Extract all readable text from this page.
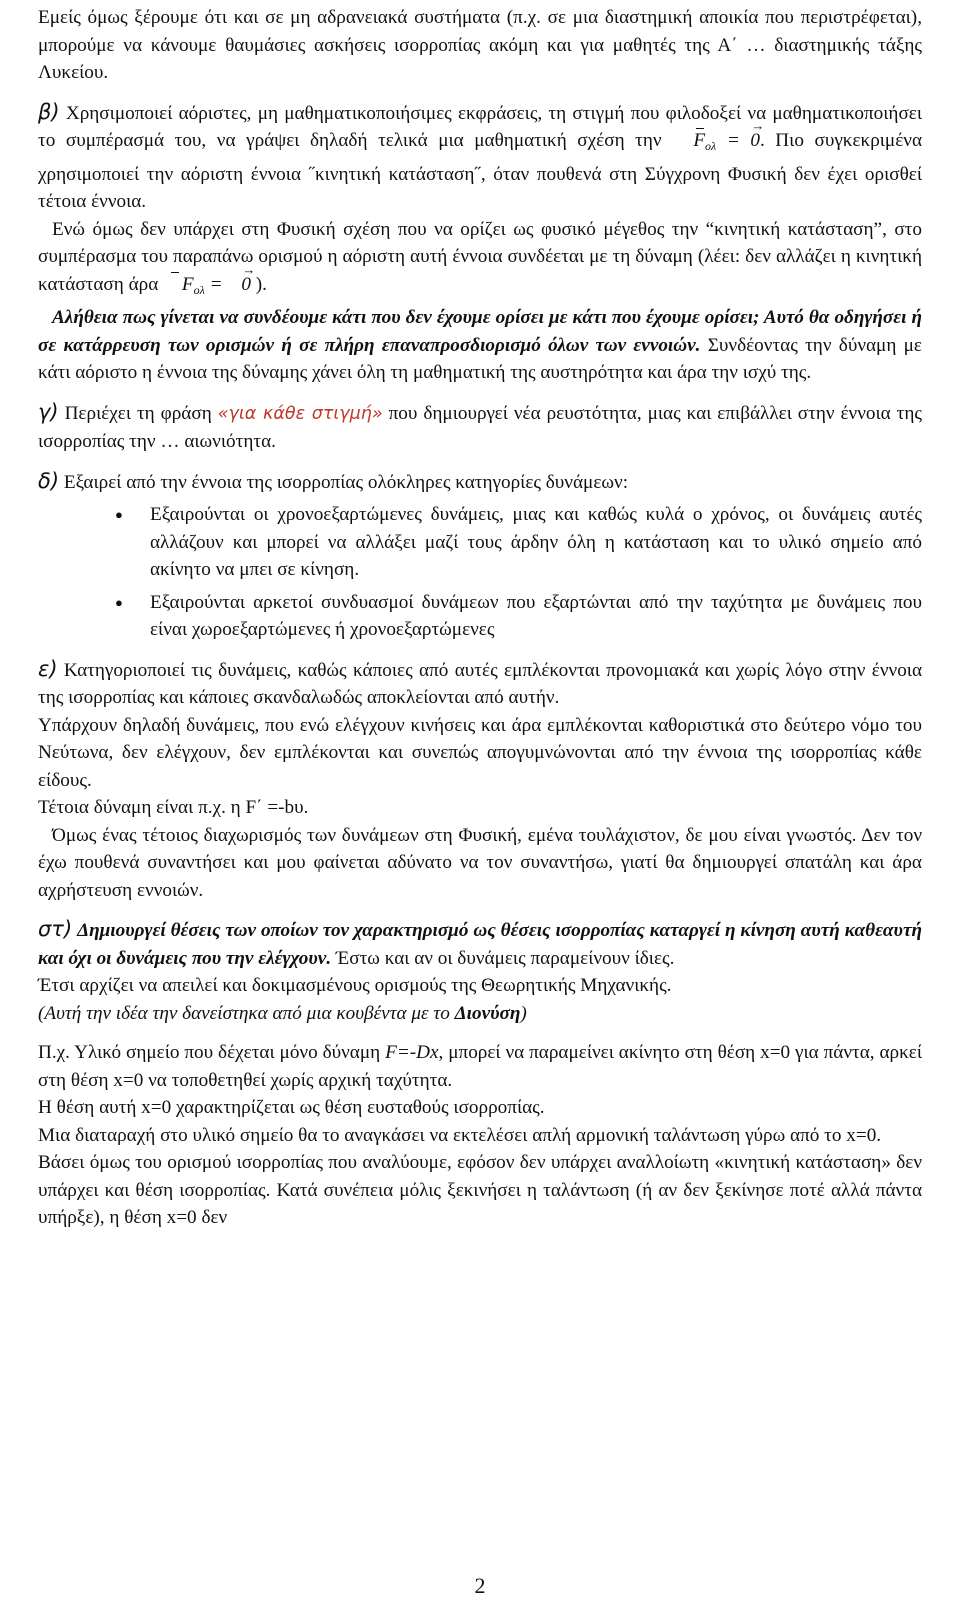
Εμείς όμως ξέρουμε ότι και σε μη αδρανειακά συστήματα (π.χ. σε μια διαστημική αποικία που περιστρέφεται), μπορούμε να κάνουμε θαυμάσιες ασκήσεις ισορροπίας ακόμη και για μαθητές της Α΄ … διαστημικής τάξης Λυκείου.

β) Χρησιμοποιεί αόριστες, μη μαθηματικοποιήσιμες εκφράσεις, τη στιγμή που φιλοδοξεί να μαθηματικοποιήσει το συμπέρασμά του, να γράψει δηλαδή τελικά μια μαθηματική σχέση την $F_{o\lambda}$ = → 0. Πιο συγκεκριμένα χρησιμοποιεί την αόριστη έννοια ˝κινητική κατάσταση˝, όταν πουθενά στη Σύγχρονη Φυσική δεν έχει ορισθεί τέτοια έννοια.

Ενώ όμως δεν υπάρχει στη Φυσική σχέση που να ορίζει ως φυσικό μέγεθος την “κινητική κατάσταση”, στο συμπέρασμα του παραπάνω ορισμού η αόριστη αυτή έννοια συνδέεται με τη δύναμη (λέει: δεν αλλάζει η κινητική κατάσταση άρα $F_{o\lambda}$ = → 0 ).

Αλήθεια πως γίνεται να συνδέουμε κάτι που δεν έχουμε ορίσει με κάτι που έχουμε ορίσει; Αυτό θα οδηγήσει ή σε κατάρρευση των ορισμών ή σε πλήρη επαναπροσδιορισμό όλων των εννοιών. Συνδέοντας την δύναμη με κάτι αόριστο η έννοια της δύναμης χάνει όλη τη μαθηματική της αυστηρότητα και άρα την ισχύ της.

γ) Περιέχει τη φράση «για κάθε στιγμή» που δημιουργεί νέα ρευστότητα, μιας και επιβάλλει στην έννοια της ισορροπίας την … αιωνιότητα.

δ) Εξαιρεί από την έννοια της ισορροπίας ολόκληρες κατηγορίες δυνάμεων:

● Εξαιρούνται οι χρονοεξαρτώμενες δυνάμεις, μιας και καθώς κυλά ο χρόνος, οι δυνάμεις αυτές αλλάζουν και μπορεί να αλλάξει μαζί τους άρδην όλη η κατάσταση και το υλικό σημείο από ακίνητο να μπει σε κίνηση.
● Εξαιρούνται αρκετοί συνδυασμοί δυνάμεων που εξαρτώνται από την ταχύτητα με δυνάμεις που είναι χωροεξαρτώμενες ή χρονοεξαρτώμενες

ε) Κατηγοριοποιεί τις δυνάμεις, καθώς κάποιες από αυτές εμπλέκονται προνομιακά και χωρίς λόγο στην έννοια της ισορροπίας και κάποιες σκανδαλωδώς αποκλείονται από αυτήν.

Υπάρχουν δηλαδή δυνάμεις, που ενώ ελέγχουν κινήσεις και άρα εμπλέκονται καθοριστικά στο δεύτερο νόμο του Νεύτωνα, δεν ελέγχουν, δεν εμπλέκονται και συνεπώς απογυμνώνονται από την έννοια της ισορροπίας κάθε είδους.

Τέτοια δύναμη είναι π.χ. η F΄ =-bυ.

Όμως ένας τέτοιος διαχωρισμός των δυνάμεων στη Φυσική, εμένα τουλάχιστον, δε μου είναι γνωστός. Δεν τον έχω πουθενά συναντήσει και μου φαίνεται αδύνατο να τον συναντήσω, γιατί θα δημιουργεί σπατάλη και άρα αχρήστευση εννοιών.

στ) Δημιουργεί θέσεις των οποίων τον χαρακτηρισμό ως θέσεις ισορροπίας καταργεί η κίνηση αυτή καθεαυτή και όχι οι δυνάμεις που την ελέγχουν. Έστω και αν οι δυνάμεις παραμείνουν ίδιες.

Έτσι αρχίζει να απειλεί και δοκιμασμένους ορισμούς της Θεωρητικής Μηχανικής.

(Αυτή την ιδέα την δανείστηκα από μια κουβέντα με το Διονύση)

Π.χ. Υλικό σημείο που δέχεται μόνο δύναμη F=-Dx, μπορεί να παραμείνει ακίνητο στη θέση x=0 για πάντα, αρκεί στη θέση x=0 να τοποθετηθεί χωρίς αρχική ταχύτητα.

Η θέση αυτή x=0 χαρακτηρίζεται ως θέση ευσταθούς ισορροπίας.

Μια διαταραχή στο υλικό σημείο θα το αναγκάσει να εκτελέσει απλή αρμονική ταλάντωση γύρω από το x=0.

Βάσει όμως του ορισμού ισορροπίας που αναλύουμε, εφόσον δεν υπάρχει αναλλοίωτη «κινητική κατάσταση» δεν υπάρχει και θέση ισορροπίας. Κατά συνέπεια μόλις ξεκινήσει η ταλάντωση (ή αν δεν ξεκίνησε ποτέ αλλά πάντα υπήρξε), η θέση x=0 δεν

2
